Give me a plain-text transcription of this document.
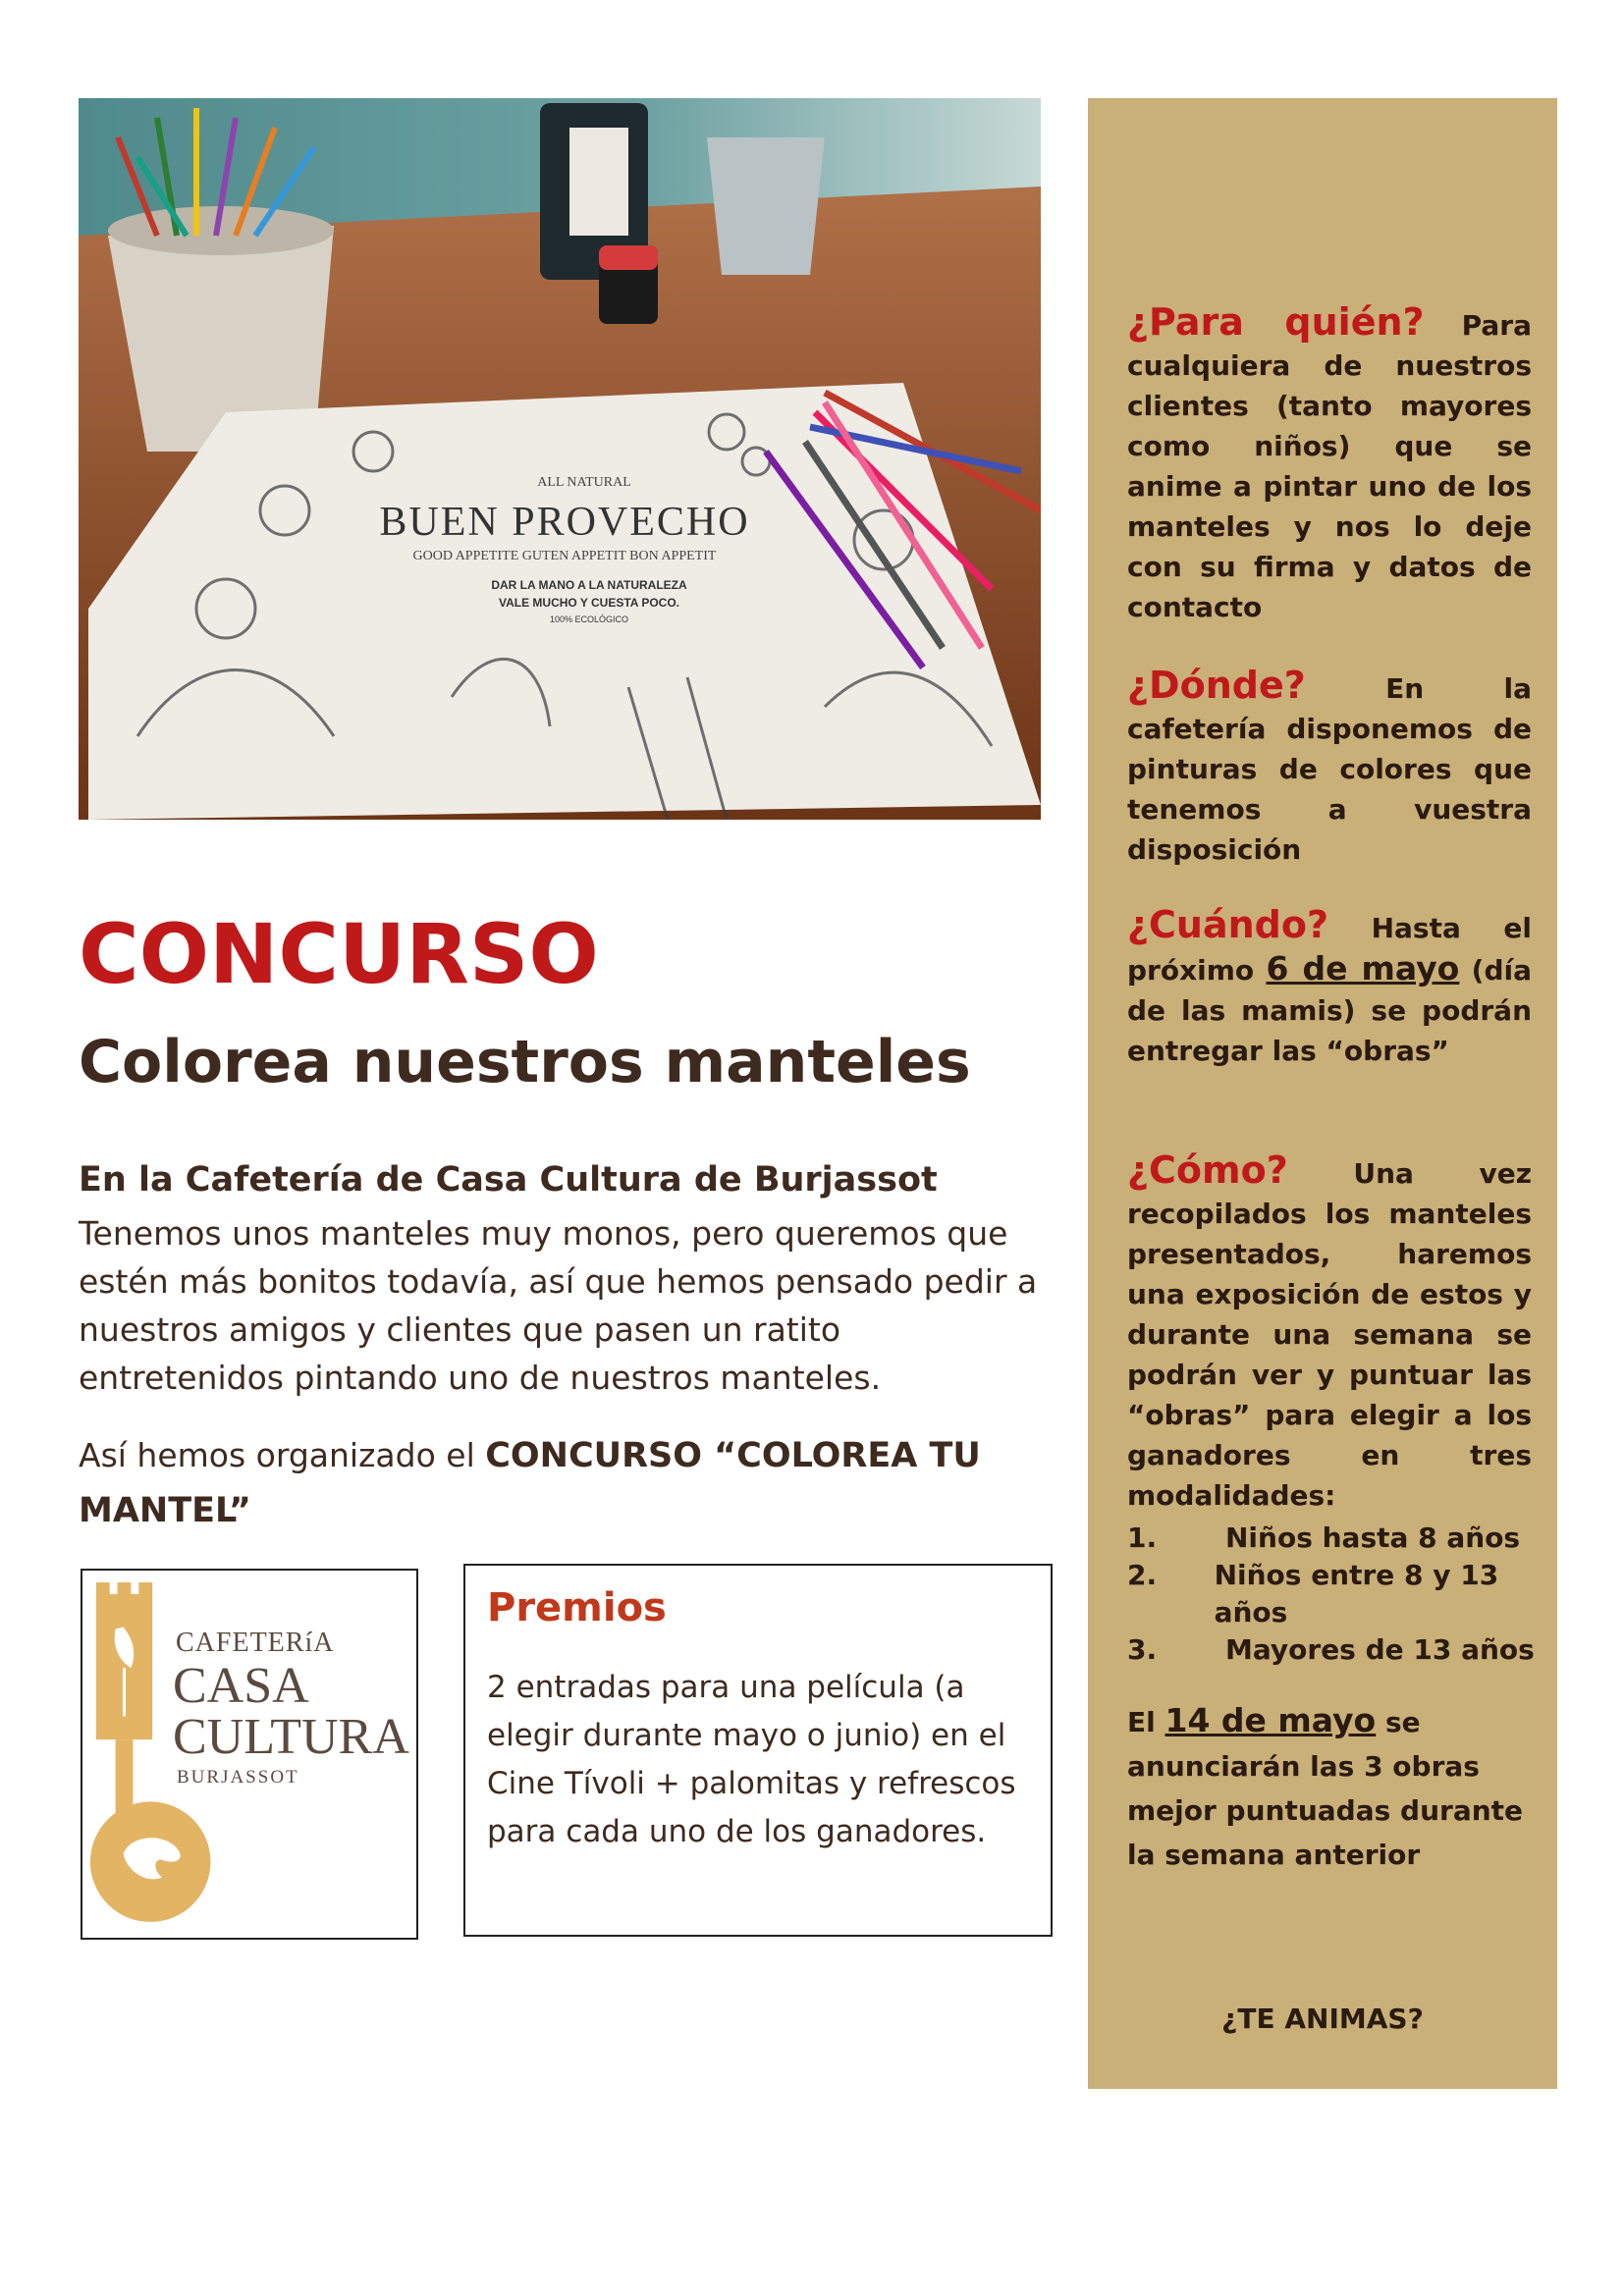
ALL NATURAL
BUEN PROVECHO
GOOD APPETITE GUTEN APPETIT BON APPETIT
DAR LA MANO A LA NATURALEZA
VALE MUCHO Y CUESTA POCO.
100% ECOLÓGICO
CONCURSO
Colorea nuestros manteles
En la Cafetería de Casa Cultura de Burjassot
Tenemos unos manteles muy monos, pero queremos que estén más bonitos todavía, así que hemos pensado pedir a nuestros amigos y clientes que pasen un ratito entretenidos pintando uno de nuestros manteles.
Así hemos organizado el CONCURSO “COLOREA TU MANTEL”
CAFETERíA
CASA
CULTURA
BURJASSOT
Premios
2 entradas para una película (a elegir durante mayo o junio) en el Cine Tívoli + palomitas y refrescos para cada uno de los ganadores.
¿Para quién? Para cualquiera de nuestros clientes (tanto mayores como niños) que se anime a pintar uno de los manteles y nos lo deje con su firma y datos de contacto
¿Dónde? En la cafetería disponemos de pinturas de colores que tenemos a vuestra disposición
¿Cuándo? Hasta el próximo 6 de mayo (día de las mamis) se podrán entregar las “obras”
¿Cómo? Una vez recopilados los manteles presentados, haremos una exposición de estos y durante una semana se podrán ver y puntuar las “obras” para elegir a los ganadores en tres modalidades:
1.	Niños hasta 8 años
2.	Niños entre 8 y 13 años
3.	Mayores de 13 años
El 14 de mayo se anunciarán las 3 obras mejor puntuadas durante la semana anterior
¿TE ANIMAS?
